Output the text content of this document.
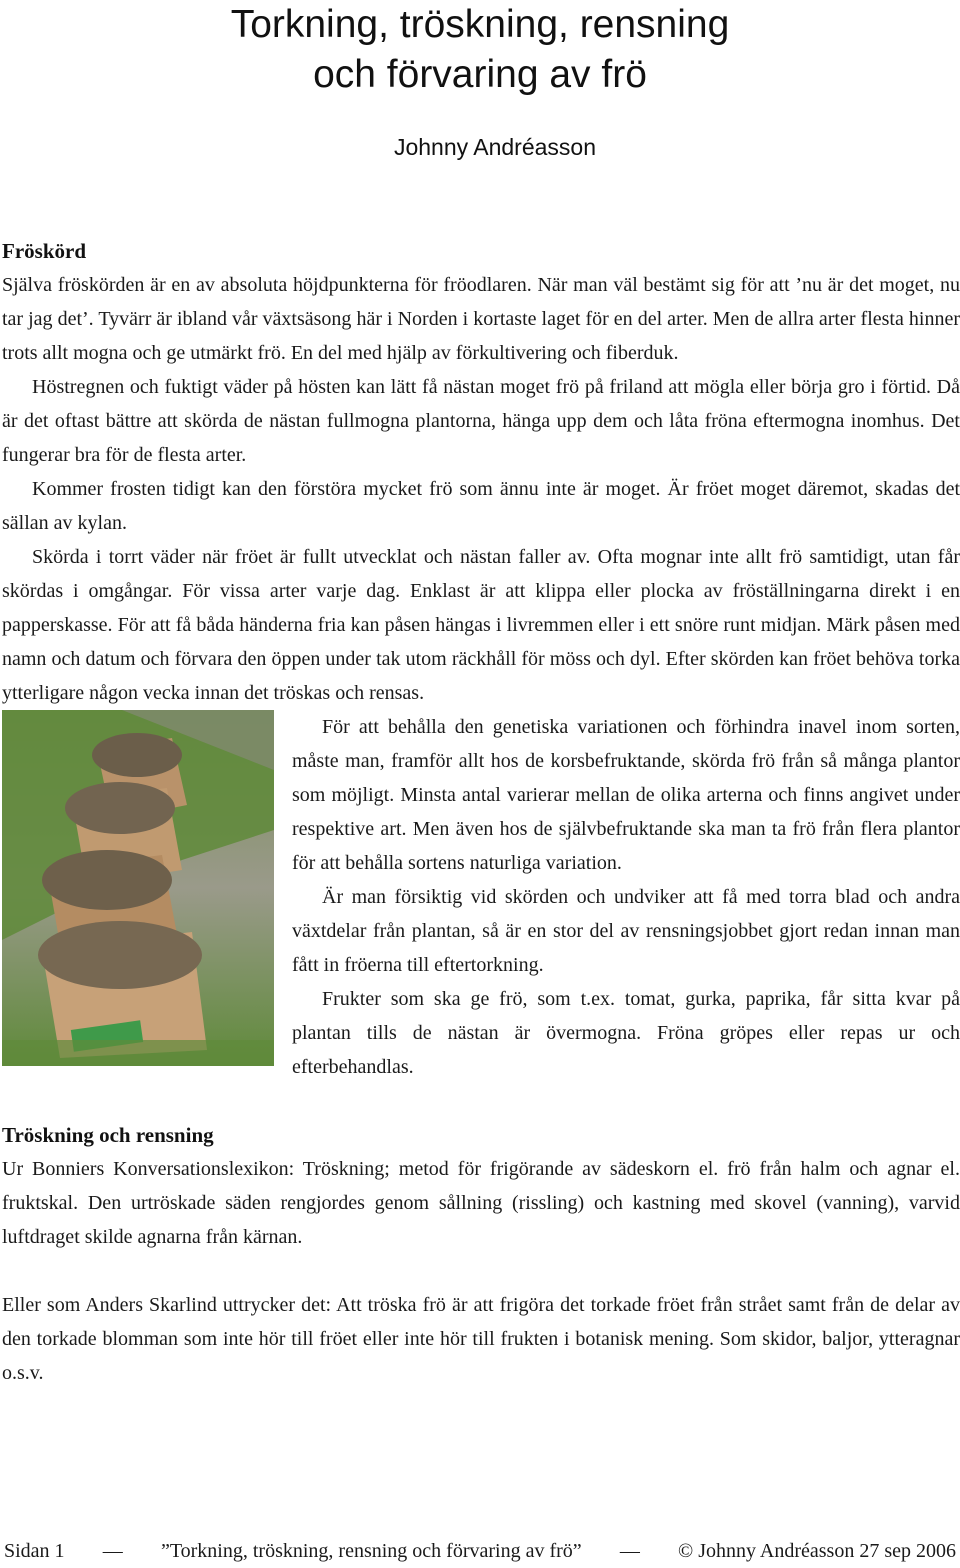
Torkning, tröskning, rensning
och förvaring av frö
Johnny Andréasson
Fröskörd

Själva fröskörden är en av absoluta höjdpunkterna för fröodlaren. När man väl bestämt sig för att ’nu är det moget, nu tar jag det’. Tyvärr är ibland vår växtsäsong här i Norden i kortaste laget för en del arter. Men de allra arter flesta hinner trots allt mogna och ge utmärkt frö. En del med hjälp av förkultivering och fiberduk.

Höstregnen och fuktigt väder på hösten kan lätt få nästan moget frö på friland att mögla eller börja gro i förtid. Då är det oftast bättre att skörda de nästan fullmogna plantorna, hänga upp dem och låta fröna eftermogna inomhus. Det fungerar bra för de flesta arter.

Kommer frosten tidigt kan den förstöra mycket frö som ännu inte är moget. Är fröet moget däremot, skadas det sällan av kylan.

Skörda i torrt väder när fröet är fullt utvecklat och nästan faller av. Ofta mognar inte allt frö samtidigt, utan får skördas i omgångar. För vissa arter varje dag. Enklast är att klippa eller plocka av fröställningarna direkt i en papperskasse. För att få båda händerna fria kan påsen hängas i livremmen eller i ett snöre runt midjan. Märk påsen med namn och datum och förvara den öppen under tak utom räckhåll för möss och dyl. Efter skörden kan fröet behöva torka ytterligare någon vecka innan det tröskas och rensas.

För att behålla den genetiska variationen och förhindra inavel inom sorten, måste man, framför allt hos de korsbefruktande, skörda frö från så många plantor som möjligt. Minsta antal varierar mellan de olika arterna och finns angivet under respektive art. Men även hos de självbefruktande ska man ta frö från flera plantor för att behålla sortens naturliga variation.

Är man försiktig vid skörden och undviker att få med torra blad och andra växtdelar från plantan, så är en stor del av rensningsjobbet gjort redan innan man fått in fröerna till eftertorkning.

Frukter som ska ge frö, som t.ex. tomat, gurka, paprika, får sitta kvar på plantan tills de nästan är övermogna. Fröna gröpes eller repas ur och efterbehandlas.

Tröskning och rensning

Ur Bonniers Konversationslexikon: Tröskning; metod för frigörande av sädeskorn el. frö från halm och agnar el. fruktskal. Den urtröskade säden rengjordes genom sållning (rissling) och kastning med skovel (vanning), varvid luftdraget skilde agnarna från kärnan.

Eller som Anders Skarlind uttrycker det: Att tröska frö är att frigöra det torkade fröet från strået samt från de delar av den torkade blomman som inte hör till fröet eller inte hör till frukten i botanisk mening. Som skidor, baljor, ytteragnar o.s.v.

Sidan 1 — ”Torkning, tröskning, rensning och förvaring av frö” — © Johnny Andréasson 27 sep 2006
